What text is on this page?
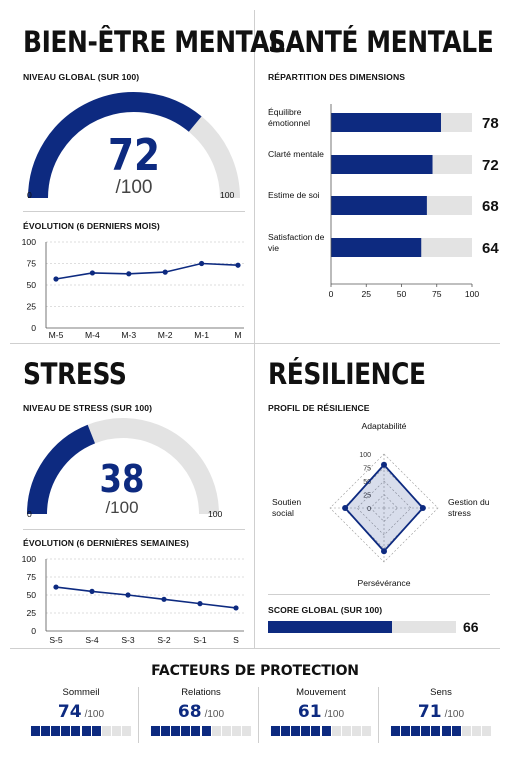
BIEN-ÊTRE MENTAL
NIVEAU GLOBAL (SUR 100)
72
/100
0	100
ÉVOLUTION (6 DERNIERS MOIS)
0
25
50
75
100
M-5	M-4	M-3	M-2	M-1	M
SANTÉ MENTALE
RÉPARTITION DES DIMENSIONS
78
72
68
64
0	25	50	75	100
Équilibre émotionnel
Clarté mentale
Estime de soi
Satisfaction de vie
STRESS
NIVEAU DE STRESS (SUR 100)
38
/100
0	100
ÉVOLUTION (6 DERNIÈRES SEMAINES)
0
25
50
75
100
S-5	S-4	S-3	S-2	S-1	S
RÉSILIENCE
PROFIL DE RÉSILIENCE
0
25
50
75
100
Adaptabilité
Gestion du stress
Persévérance
Soutien social
SCORE GLOBAL (SUR 100)
66
FACTEURS DE PROTECTION
Sommeil
74 /100
Relations
68 /100
Mouvement
61 /100
Sens
71 /100
